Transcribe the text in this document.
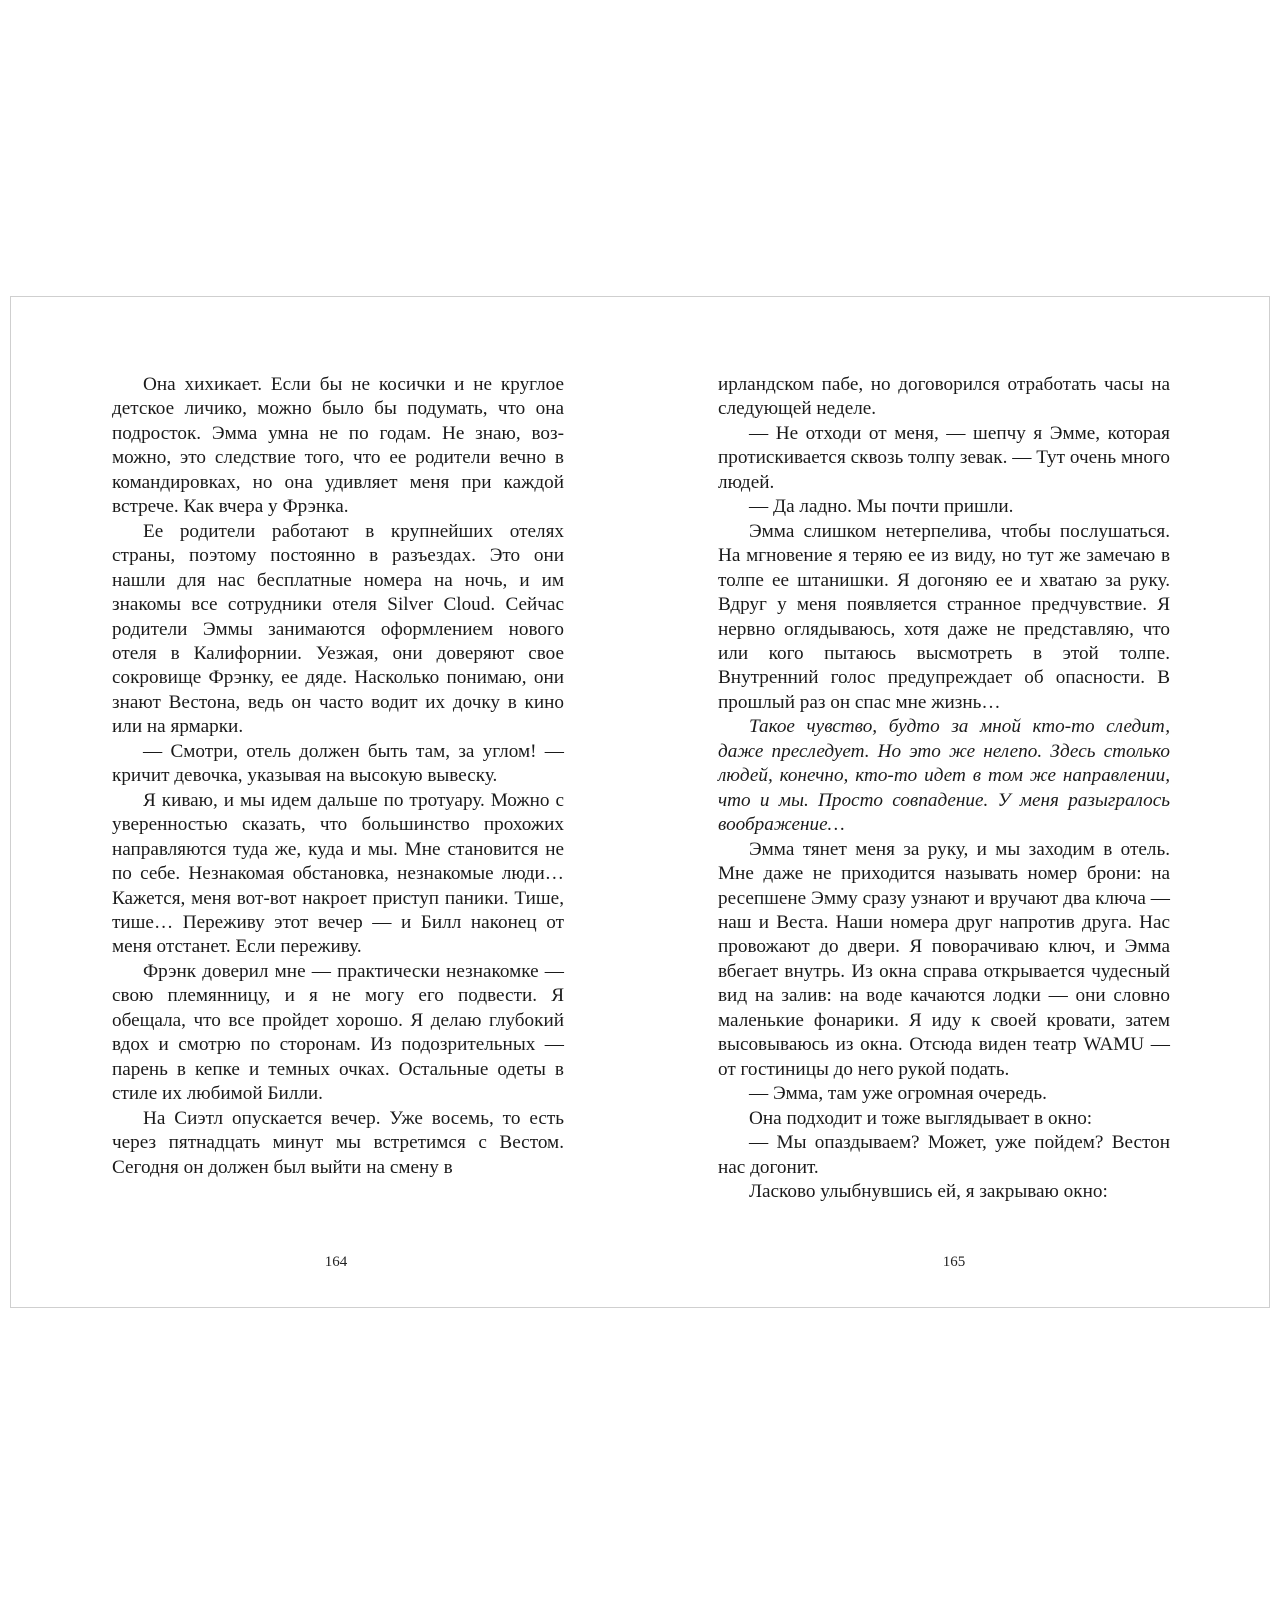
Она хихикает. Если бы не косички и не круглое детское личико, можно было бы подумать, что она подросток. Эмма умна не по годам. Не знаю, возможно, это следствие того, что ее родители вечно в командировках, но она удивляет меня при каждой встрече. Как вчера у Фрэнка.

Ее родители работают в крупнейших отелях страны, поэтому постоянно в разъездах. Это они нашли для нас бесплатные номера на ночь, и им знакомы все сотрудники отеля Silver Cloud. Сейчас родители Эммы занимаются оформлением нового отеля в Калифорнии. Уезжая, они доверяют свое сокровище Фрэнку, ее дяде. Насколько понимаю, они знают Вестона, ведь он часто водит их дочку в кино или на ярмарки.

— Смотри, отель должен быть там, за углом! — кричит девочка, указывая на высокую вывеску.

Я киваю, и мы идем дальше по тротуару. Можно с уверенностью сказать, что большинство прохожих направляются туда же, куда и мы. Мне становится не по себе. Незнакомая обстановка, незнакомые люди… Кажется, меня вот-вот накроет приступ паники. Тише, тише… Переживу этот вечер — и Билл наконец от меня отстанет. Если переживу.

Фрэнк доверил мне — практически незнакомке — свою племянницу, и я не могу его подвести. Я обещала, что все пройдет хорошо. Я делаю глубокий вдох и смотрю по сторонам. Из подозрительных — парень в кепке и темных очках. Остальные одеты в стиле их любимой Билли.

На Сиэтл опускается вечер. Уже восемь, то есть через пятнадцать минут мы встретимся с Вестом. Сегодня он должен был выйти на смену в

ирландском пабе, но договорился отработать часы на следующей неделе.

— Не отходи от меня, — шепчу я Эмме, которая протискивается сквозь толпу зевак. — Тут очень много людей.

— Да ладно. Мы почти пришли.

Эмма слишком нетерпелива, чтобы послушаться. На мгновение я теряю ее из виду, но тут же замечаю в толпе ее штанишки. Я догоняю ее и хватаю за руку. Вдруг у меня появляется странное предчувствие. Я нервно оглядываюсь, хотя даже не представляю, что или кого пытаюсь высмотреть в этой толпе. Внутренний голос предупреждает об опасности. В прошлый раз он спас мне жизнь…

Такое чувство, будто за мной кто-то следит, даже преследует. Но это же нелепо. Здесь столько людей, конечно, кто-то идет в том же направлении, что и мы. Просто совпадение. У меня разыгралось воображение…

Эмма тянет меня за руку, и мы заходим в отель. Мне даже не приходится называть номер брони: на ресепшене Эмму сразу узнают и вручают два ключа — наш и Веста. Наши номера друг напротив друга. Нас провожают до двери. Я поворачиваю ключ, и Эмма вбегает внутрь. Из окна справа открывается чудесный вид на залив: на воде качаются лодки — они словно маленькие фонарики. Я иду к своей кровати, затем высовываюсь из окна. Отсюда виден театр WAMU — от гостиницы до него рукой подать.

— Эмма, там уже огромная очередь.

Она подходит и тоже выглядывает в окно:

— Мы опаздываем? Может, уже пойдем? Вестон нас догонит.

Ласково улыбнувшись ей, я закрываю окно:

164	165
